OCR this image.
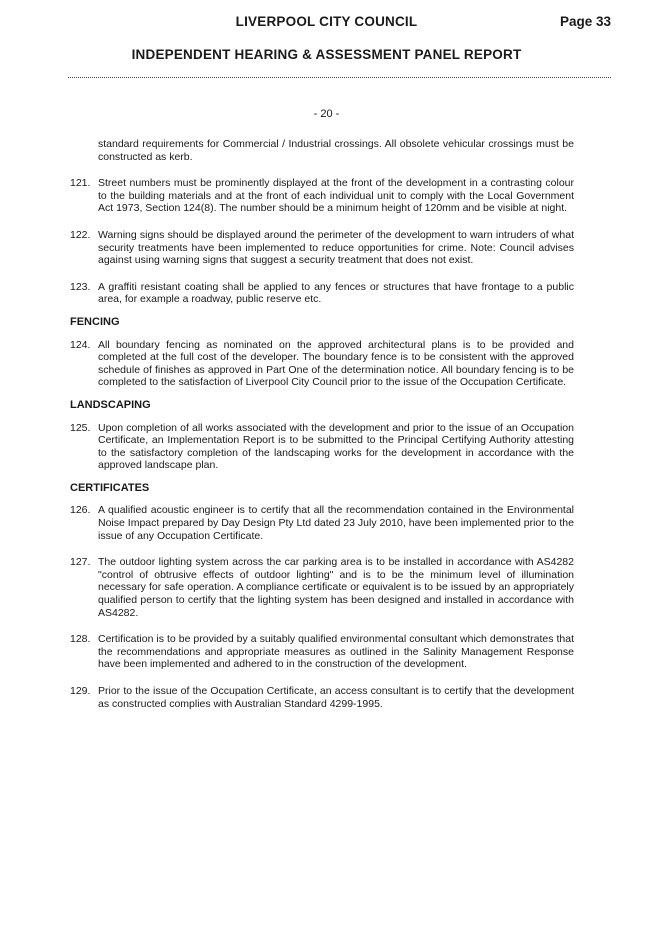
LIVERPOOL CITY COUNCIL	Page 33
INDEPENDENT HEARING & ASSESSMENT PANEL REPORT
- 20 -

standard requirements for Commercial / Industrial crossings. All obsolete vehicular crossings must be constructed as kerb.

121. Street numbers must be prominently displayed at the front of the development in a contrasting colour to the building materials and at the front of each individual unit to comply with the Local Government Act 1973, Section 124(8). The number should be a minimum height of 120mm and be visible at night.
122. Warning signs should be displayed around the perimeter of the development to warn intruders of what security treatments have been implemented to reduce opportunities for crime. Note: Council advises against using warning signs that suggest a security treatment that does not exist.
123. A graffiti resistant coating shall be applied to any fences or structures that have frontage to a public area, for example a roadway, public reserve etc.

FENCING

124. All boundary fencing as nominated on the approved architectural plans is to be provided and completed at the full cost of the developer. The boundary fence is to be consistent with the approved schedule of finishes as approved in Part One of the determination notice. All boundary fencing is to be completed to the satisfaction of Liverpool City Council prior to the issue of the Occupation Certificate.

LANDSCAPING

125. Upon completion of all works associated with the development and prior to the issue of an Occupation Certificate, an Implementation Report is to be submitted to the Principal Certifying Authority attesting to the satisfactory completion of the landscaping works for the development in accordance with the approved landscape plan.

CERTIFICATES

126. A qualified acoustic engineer is to certify that all the recommendation contained in the Environmental Noise Impact prepared by Day Design Pty Ltd dated 23 July 2010, have been implemented prior to the issue of any Occupation Certificate.
127. The outdoor lighting system across the car parking area is to be installed in accordance with AS4282 "control of obtrusive effects of outdoor lighting" and is to be the minimum level of illumination necessary for safe operation. A compliance certificate or equivalent is to be issued by an appropriately qualified person to certify that the lighting system has been designed and installed in accordance with AS4282.
128. Certification is to be provided by a suitably qualified environmental consultant which demonstrates that the recommendations and appropriate measures as outlined in the Salinity Management Response have been implemented and adhered to in the construction of the development.
129. Prior to the issue of the Occupation Certificate, an access consultant is to certify that the development as constructed complies with Australian Standard 4299-1995.
